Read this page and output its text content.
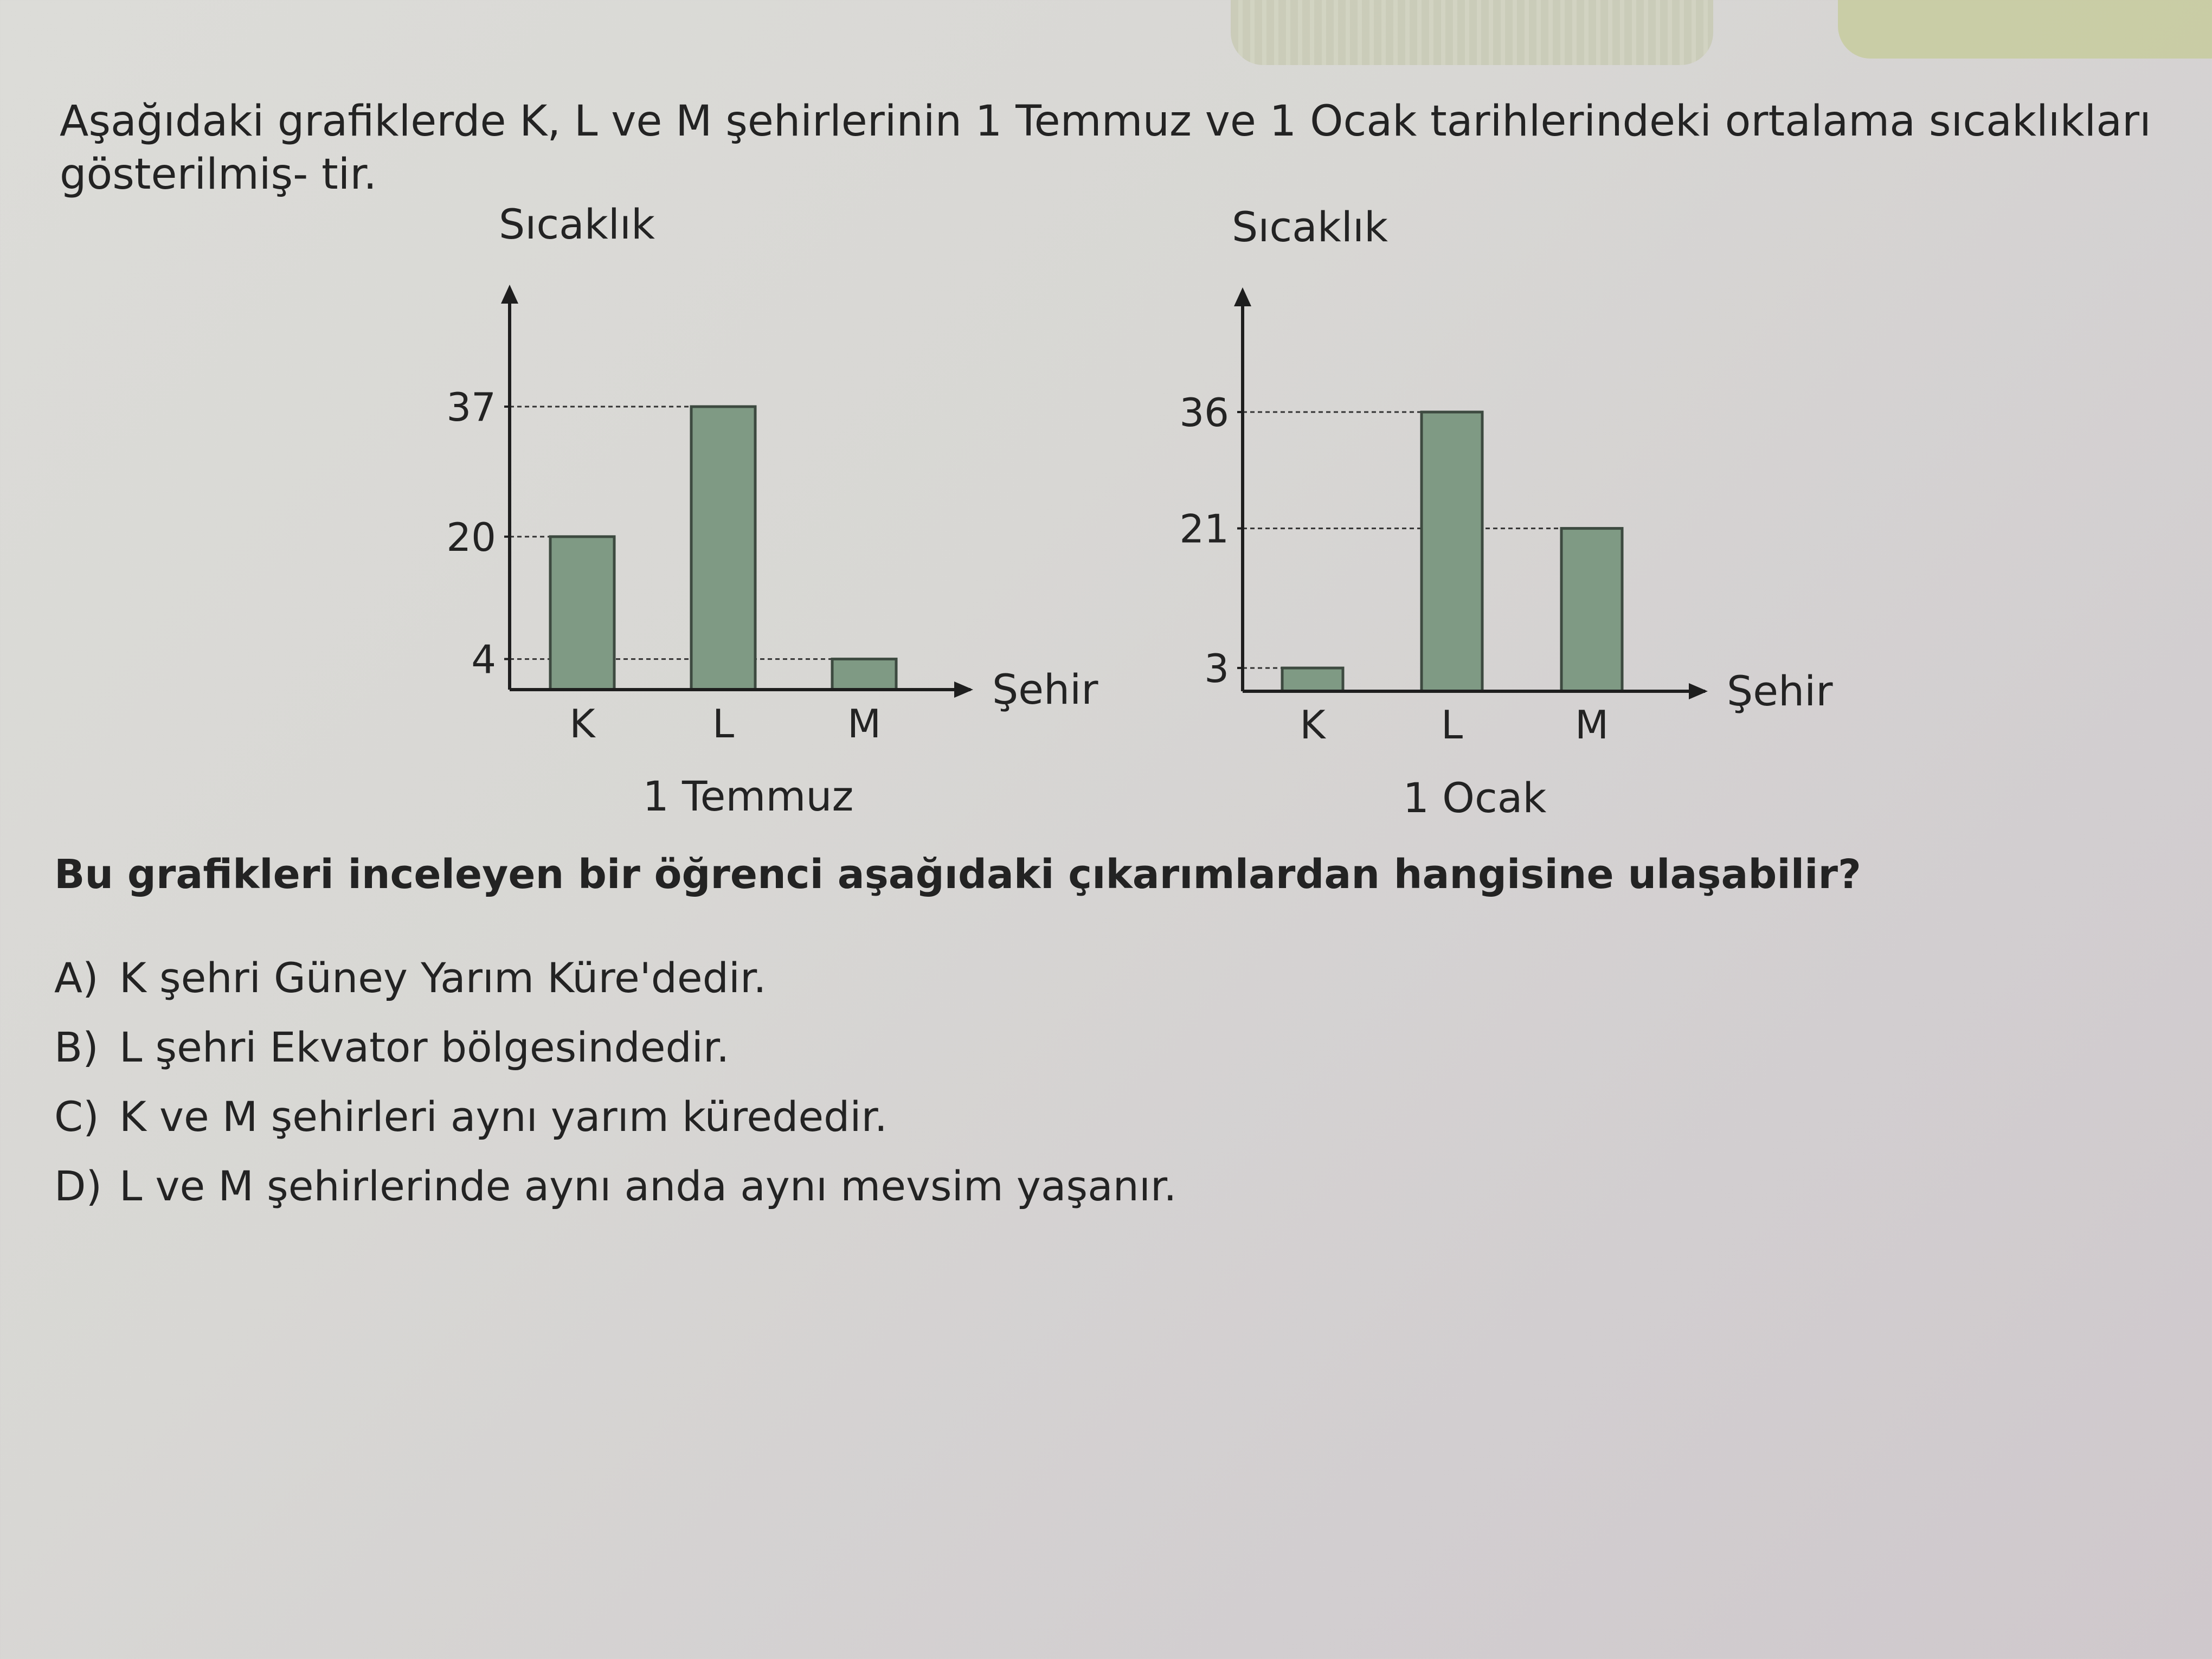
Aşağıdaki grafiklerde K, L ve M şehirlerinin 1 Temmuz ve 1 Ocak tarihlerindeki ortalama sıcaklıkları gösterilmiş- tir.

Sıcaklık
4
20
37
K	L	M
Şehir
1 Temmuz
Sıcaklık
3
21
36
K	L	M
Şehir
1 Ocak

Bu grafikleri inceleyen bir öğrenci aşağıdaki çıkarımlardan hangisine ulaşabilir?

A) K şehri Güney Yarım Küre'dedir.
B) L şehri Ekvator bölgesindedir.
C) K ve M şehirleri aynı yarım kürededir.
D) L ve M şehirlerinde aynı anda aynı mevsim yaşanır.
